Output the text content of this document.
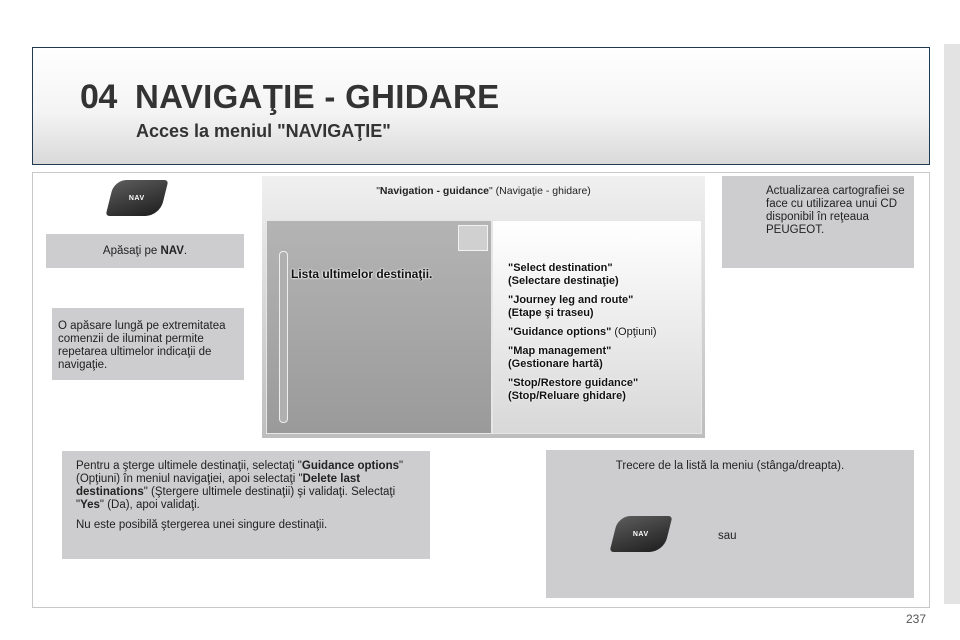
04 NAVIGAŢIE - GHIDARE
Acces la meniul "NAVIGAŢIE"
NAV
Apăsaţi pe NAV.
O apăsare lungă pe extremitatea comenzii de iluminat permite repetarea ultimelor indicaţii de navigaţie.
Actualizarea cartografiei se face cu utilizarea unui CD disponibil în reţeaua PEUGEOT.
"Navigation - guidance" (Navigaţie - ghidare)
Lista ultimelor destinaţii.	"Select destination"
(Selectare destinaţie)
"Journey leg and route"
(Etape şi traseu)
"Guidance options" (Opţiuni)
"Map management"
(Gestionare hartă)
"Stop/Restore guidance"
(Stop/Reluare ghidare)

Pentru a şterge ultimele destinaţii, selectaţi "Guidance options" (Opţiuni) în meniul navigaţiei, apoi selectaţi "Delete last destinations" (Ştergere ultimele destinaţii) şi validaţi. Selectaţi "Yes" (Da), apoi validaţi.

Nu este posibilă ştergerea unei singure destinaţii.

Trecere de la listă la meniu (stânga/dreapta).
sau
NAV
237
